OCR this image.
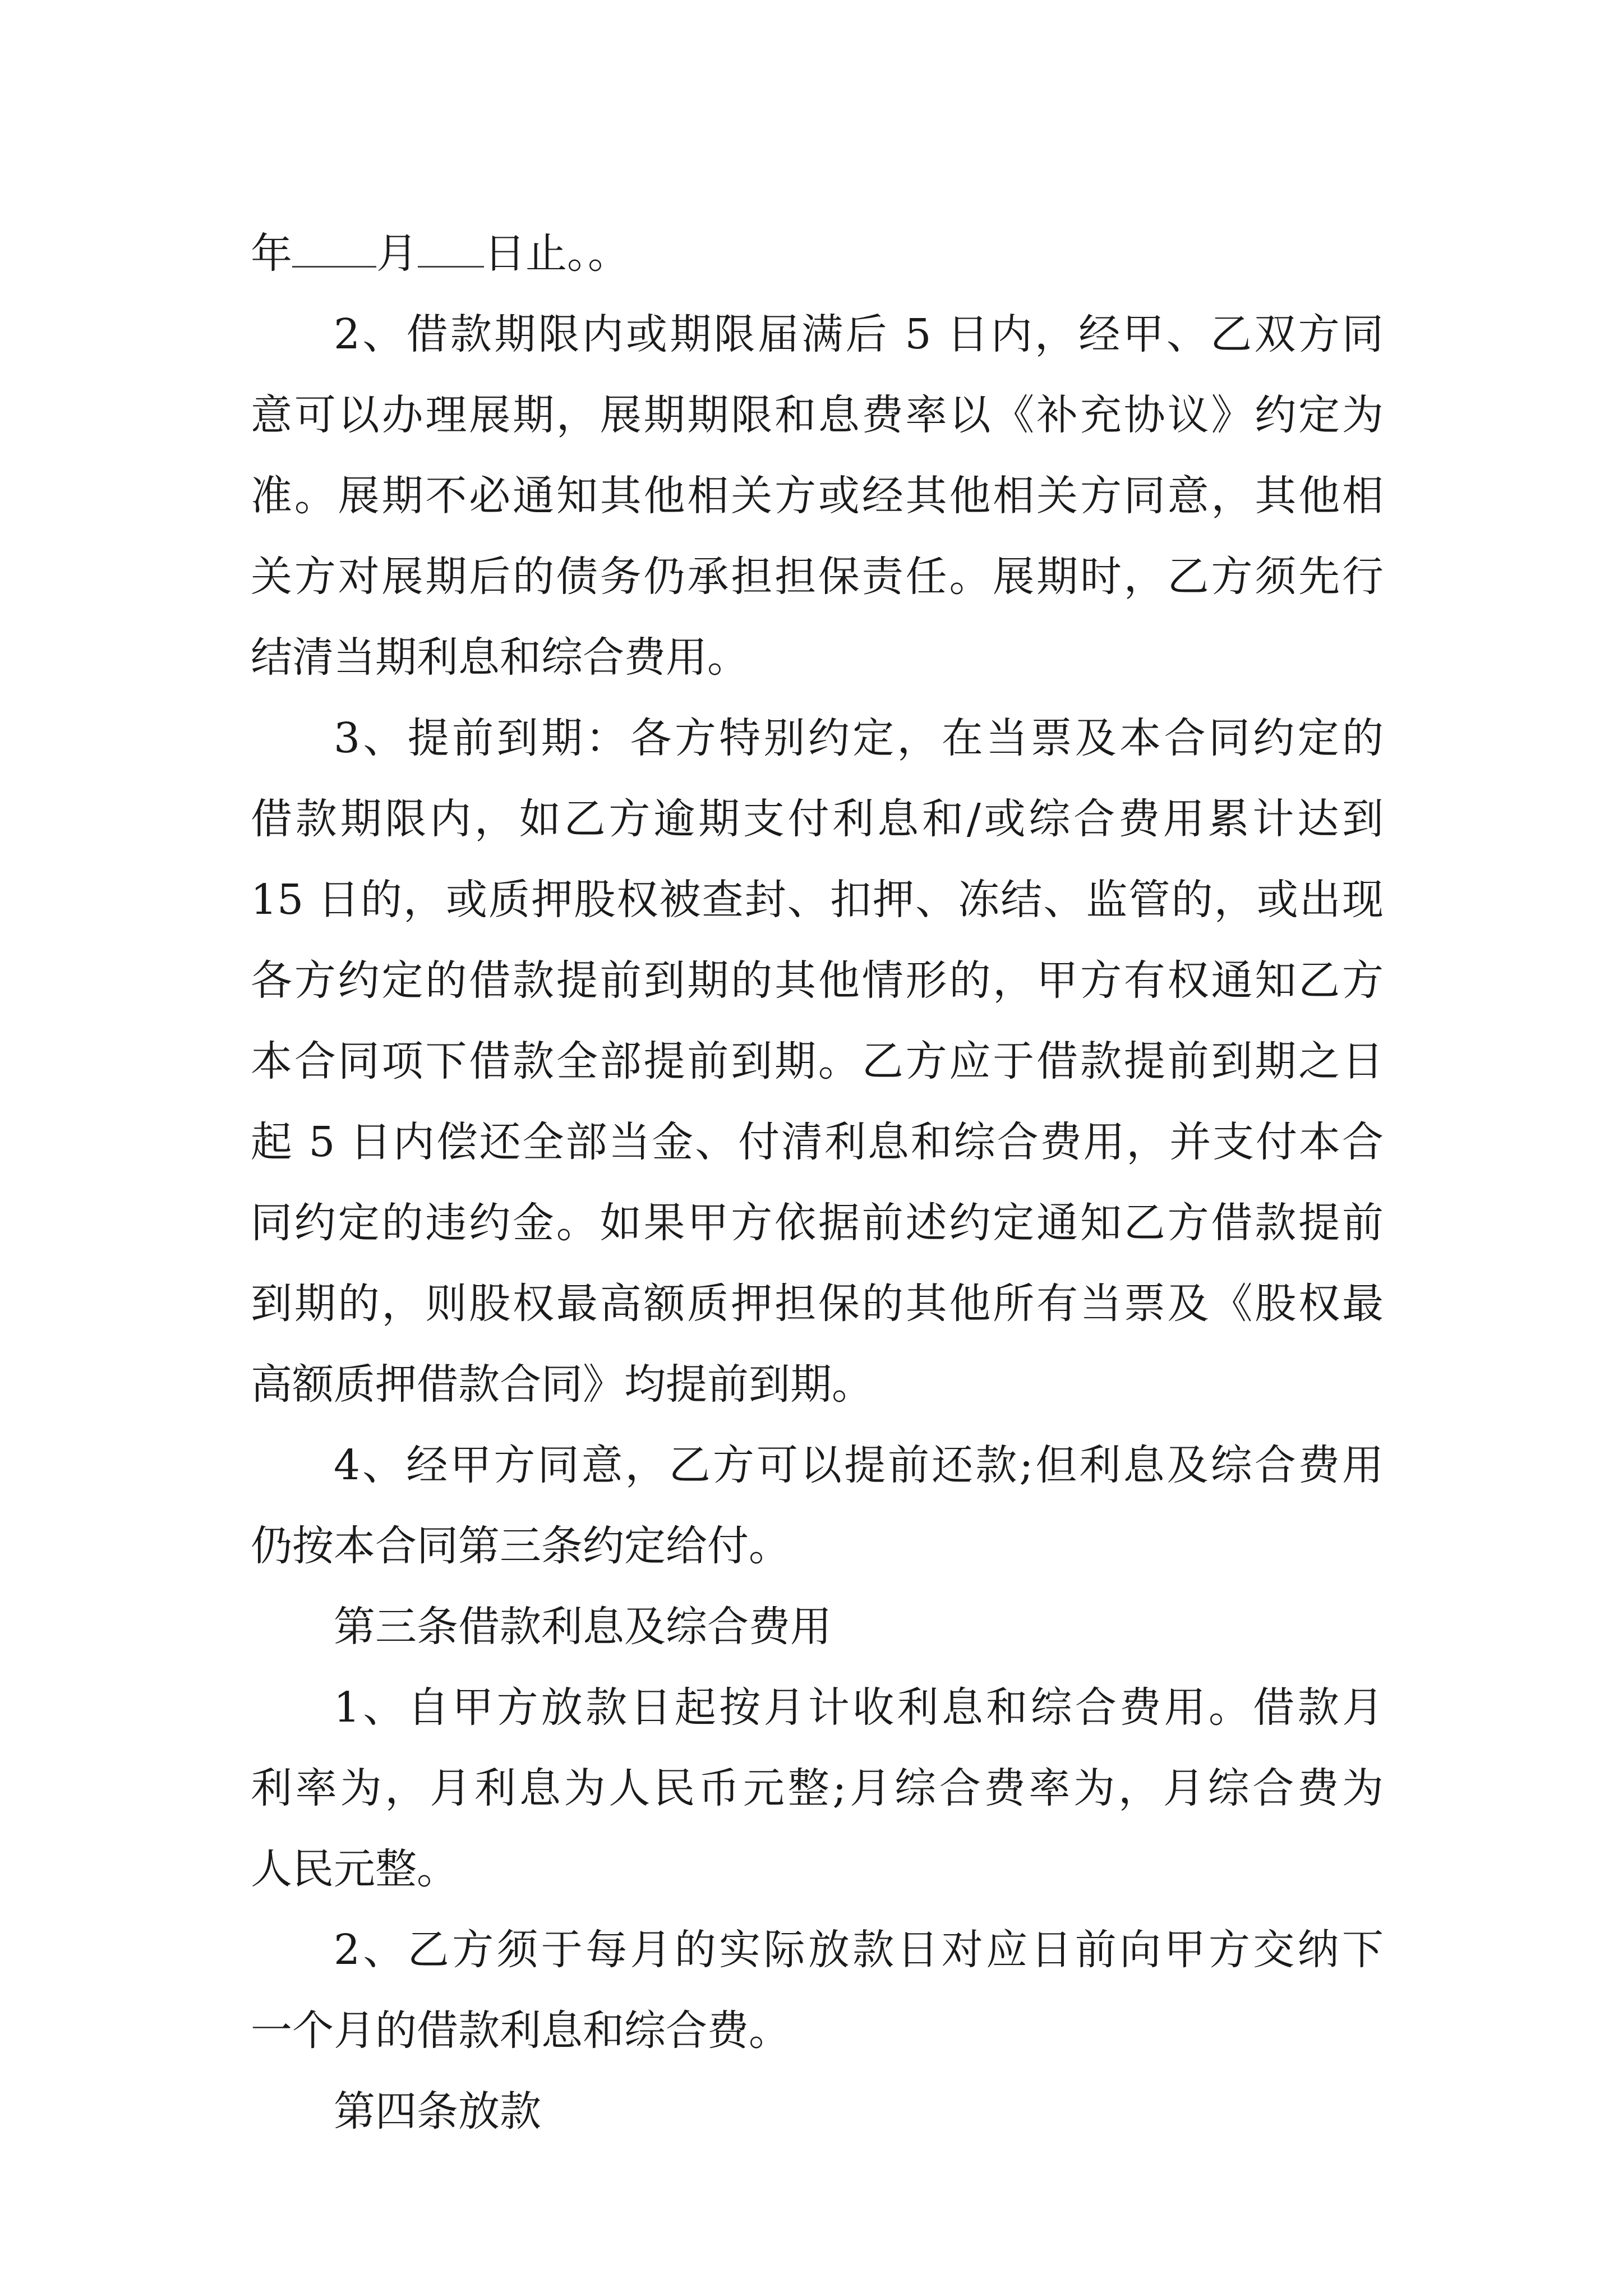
年 月 日止。。
2、借款期限内或期限届满后 5 日内，经甲、乙双方同
意可以办理展期，展期期限和息费率以《补充协议》约定为
准。展期不必通知其他相关方或经其他相关方同意，其他相
关方对展期后的债务仍承担担保责任。展期时，乙方须先行
结清当期利息和综合费用。
3、提前到期：各方特别约定，在当票及本合同约定的
借款期限内，如乙方逾期支付利息和/或综合费用累计达到
15 日的，或质押股权被查封、扣押、冻结、监管的，或出现
各方约定的借款提前到期的其他情形的，甲方有权通知乙方
本合同项下借款全部提前到期。乙方应于借款提前到期之日
起 5 日内偿还全部当金、付清利息和综合费用，并支付本合
同约定的违约金。如果甲方依据前述约定通知乙方借款提前
到期的，则股权最高额质押担保的其他所有当票及《股权最
高额质押借款合同》均提前到期。
4、经甲方同意，乙方可以提前还款;但利息及综合费用
仍按本合同第三条约定给付。
第三条借款利息及综合费用
1、自甲方放款日起按月计收利息和综合费用。借款月
利率为，月利息为人民币元整;月综合费率为，月综合费为
人民元整。
2、乙方须于每月的实际放款日对应日前向甲方交纳下
一个月的借款利息和综合费。
第四条放款
